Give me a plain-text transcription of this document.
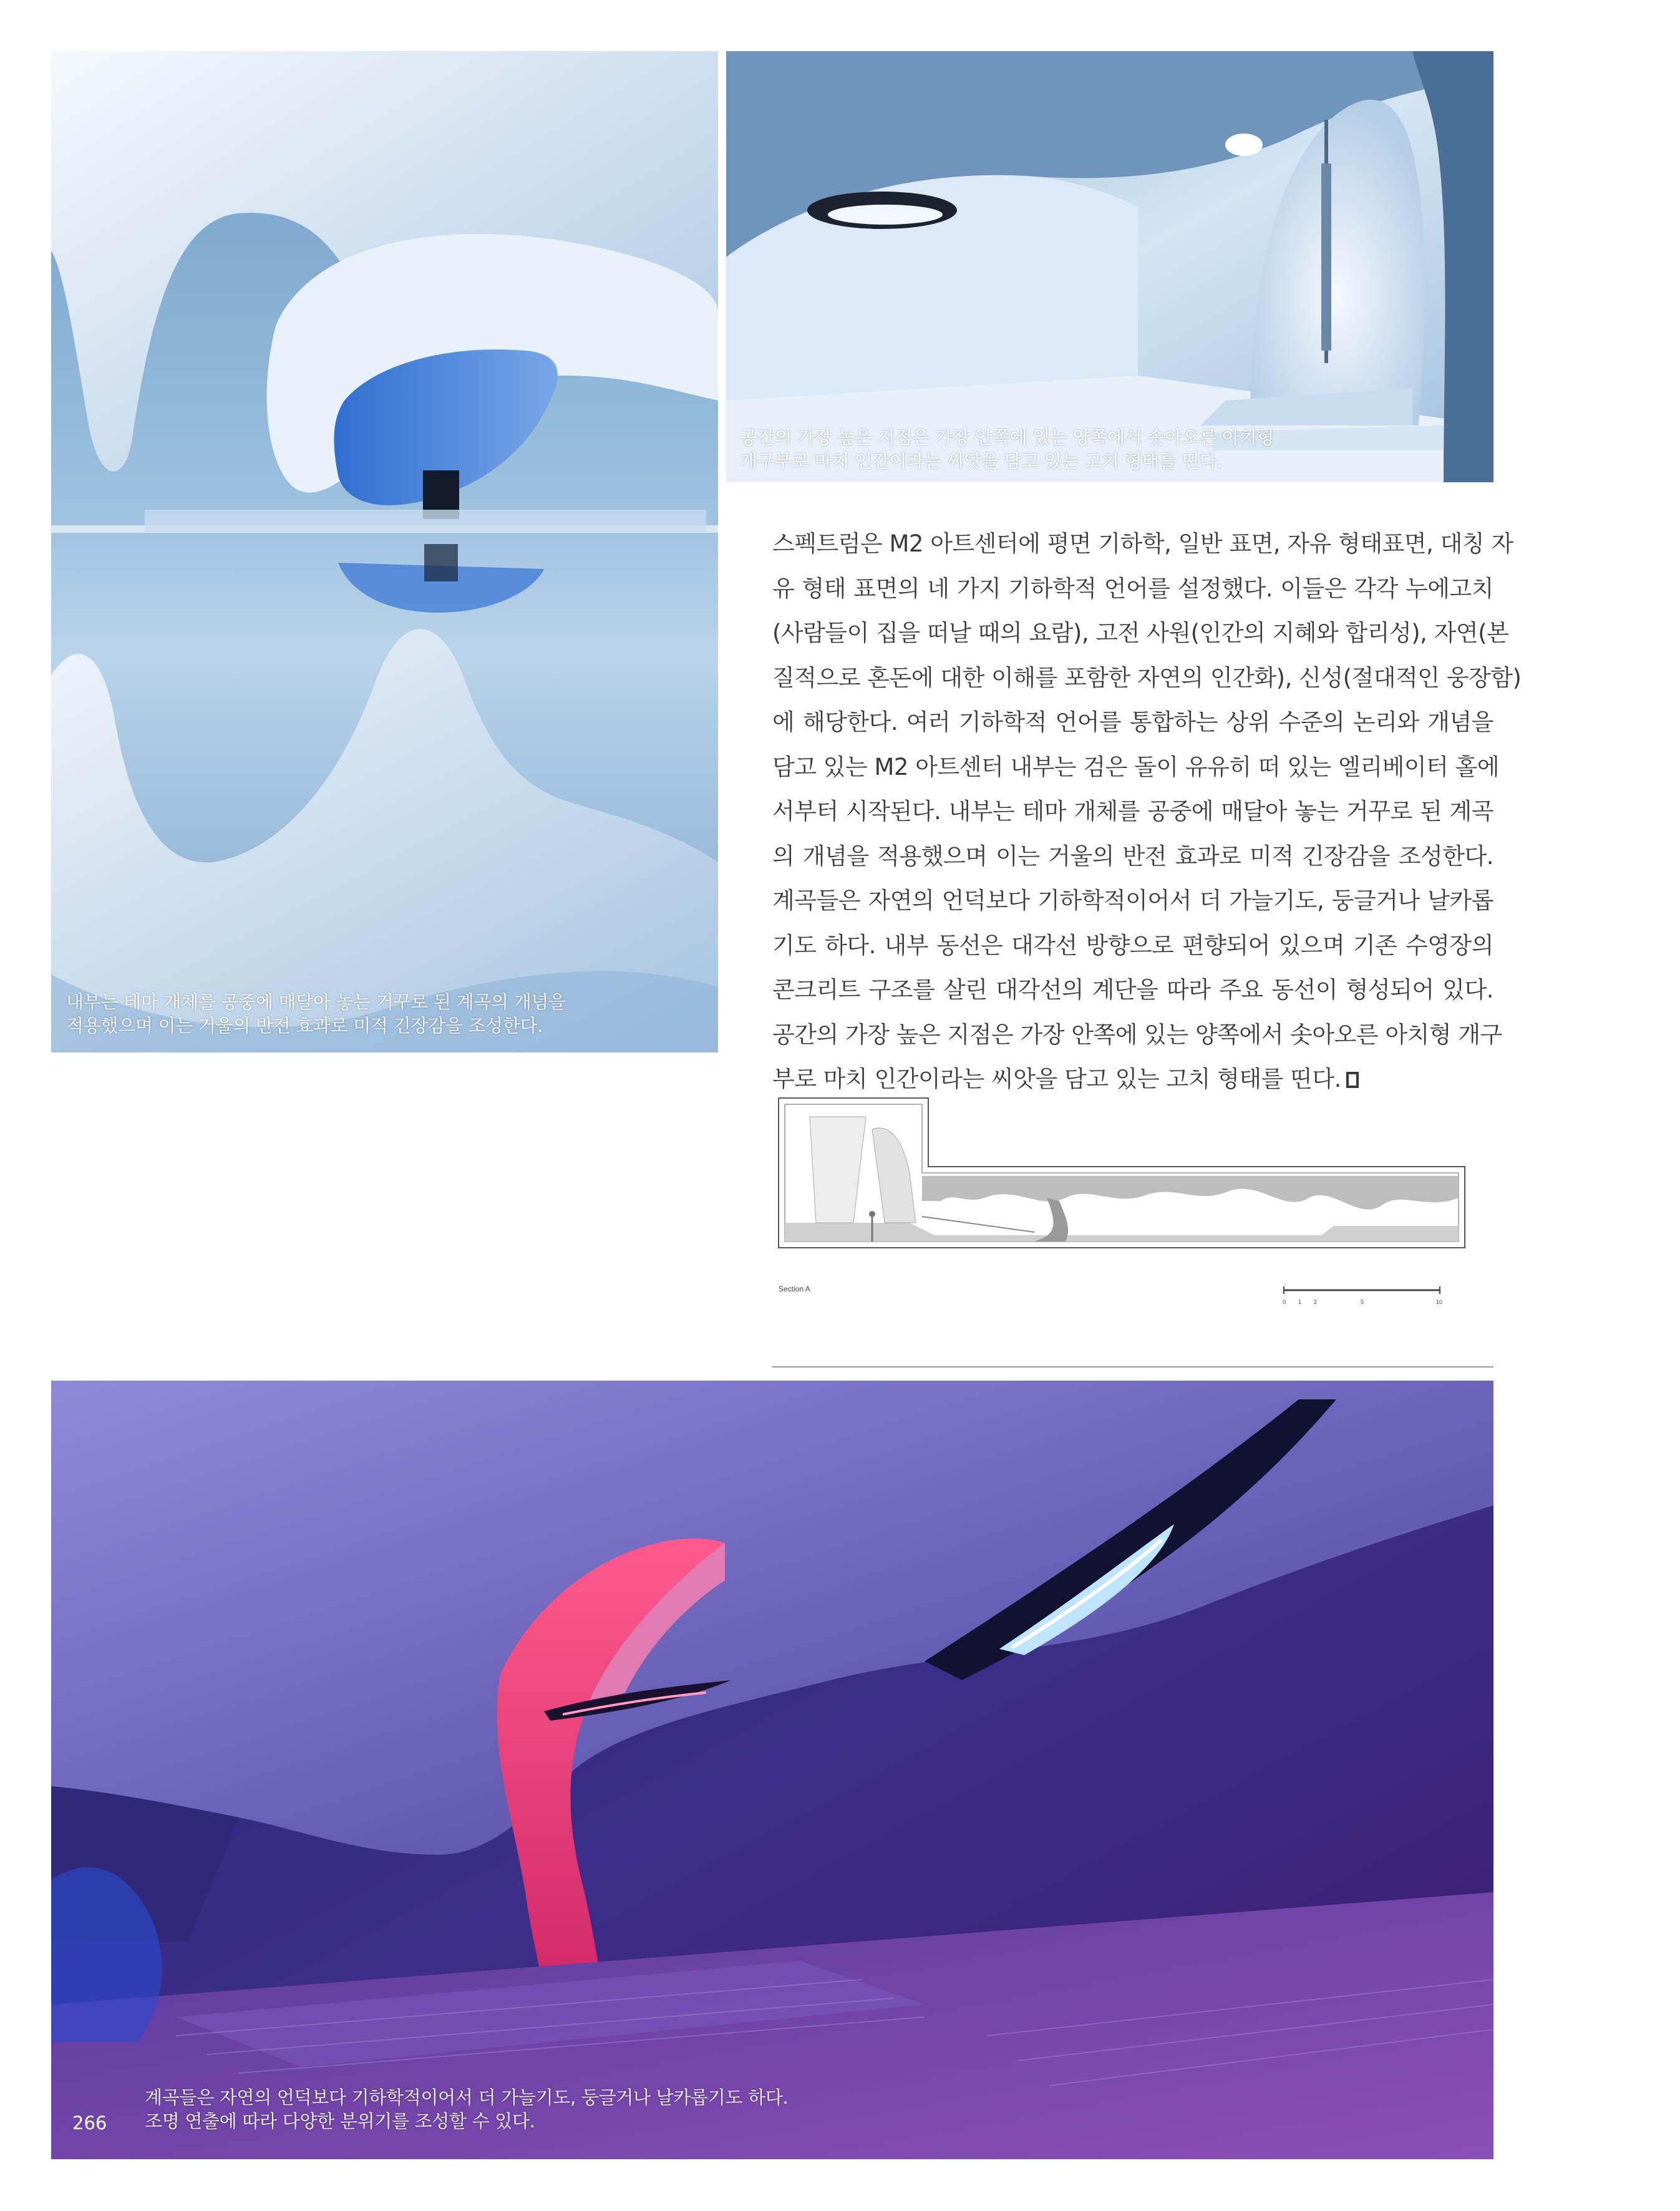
내부는 테마 개체를 공중에 매달아 놓는 거꾸로 된 계곡의 개념을
적용했으며 이는 거울의 반전 효과로 미적 긴장감을 조성한다.
공간의 가장 높은 지점은 가장 안쪽에 있는 양쪽에서 솟아오른 아치형
개구부로 마치 인간이라는 씨앗을 담고 있는 고치 형태를 띤다.
스펙트럼은 M2 아트센터에 평면 기하학, 일반 표면, 자유 형태표면, 대칭 자
유 형태 표면의 네 가지 기하학적 언어를 설정했다. 이들은 각각 누에고치
(사람들이 집을 떠날 때의 요람), 고전 사원(인간의 지혜와 합리성), 자연(본
질적으로 혼돈에 대한 이해를 포함한 자연의 인간화), 신성(절대적인 웅장함)
에 해당한다. 여러 기하학적 언어를 통합하는 상위 수준의 논리와 개념을
담고 있는 M2 아트센터 내부는 검은 돌이 유유히 떠 있는 엘리베이터 홀에
서부터 시작된다. 내부는 테마 개체를 공중에 매달아 놓는 거꾸로 된 계곡
의 개념을 적용했으며 이는 거울의 반전 효과로 미적 긴장감을 조성한다.
계곡들은 자연의 언덕보다 기하학적이어서 더 가늘기도, 둥글거나 날카롭
기도 하다. 내부 동선은 대각선 방향으로 편향되어 있으며 기존 수영장의
콘크리트 구조를 살린 대각선의 계단을 따라 주요 동선이 형성되어 있다.
공간의 가장 높은 지점은 가장 안쪽에 있는 양쪽에서 솟아오른 아치형 개구
부로 마치 인간이라는 씨앗을 담고 있는 고치 형태를 띤다.
Section A
0 1 2	5	10
계곡들은 자연의 언덕보다 기하학적이어서 더 가늘기도, 둥글거나 날카롭기도 하다.
조명 연출에 따라 다양한 분위기를 조성할 수 있다.
266
